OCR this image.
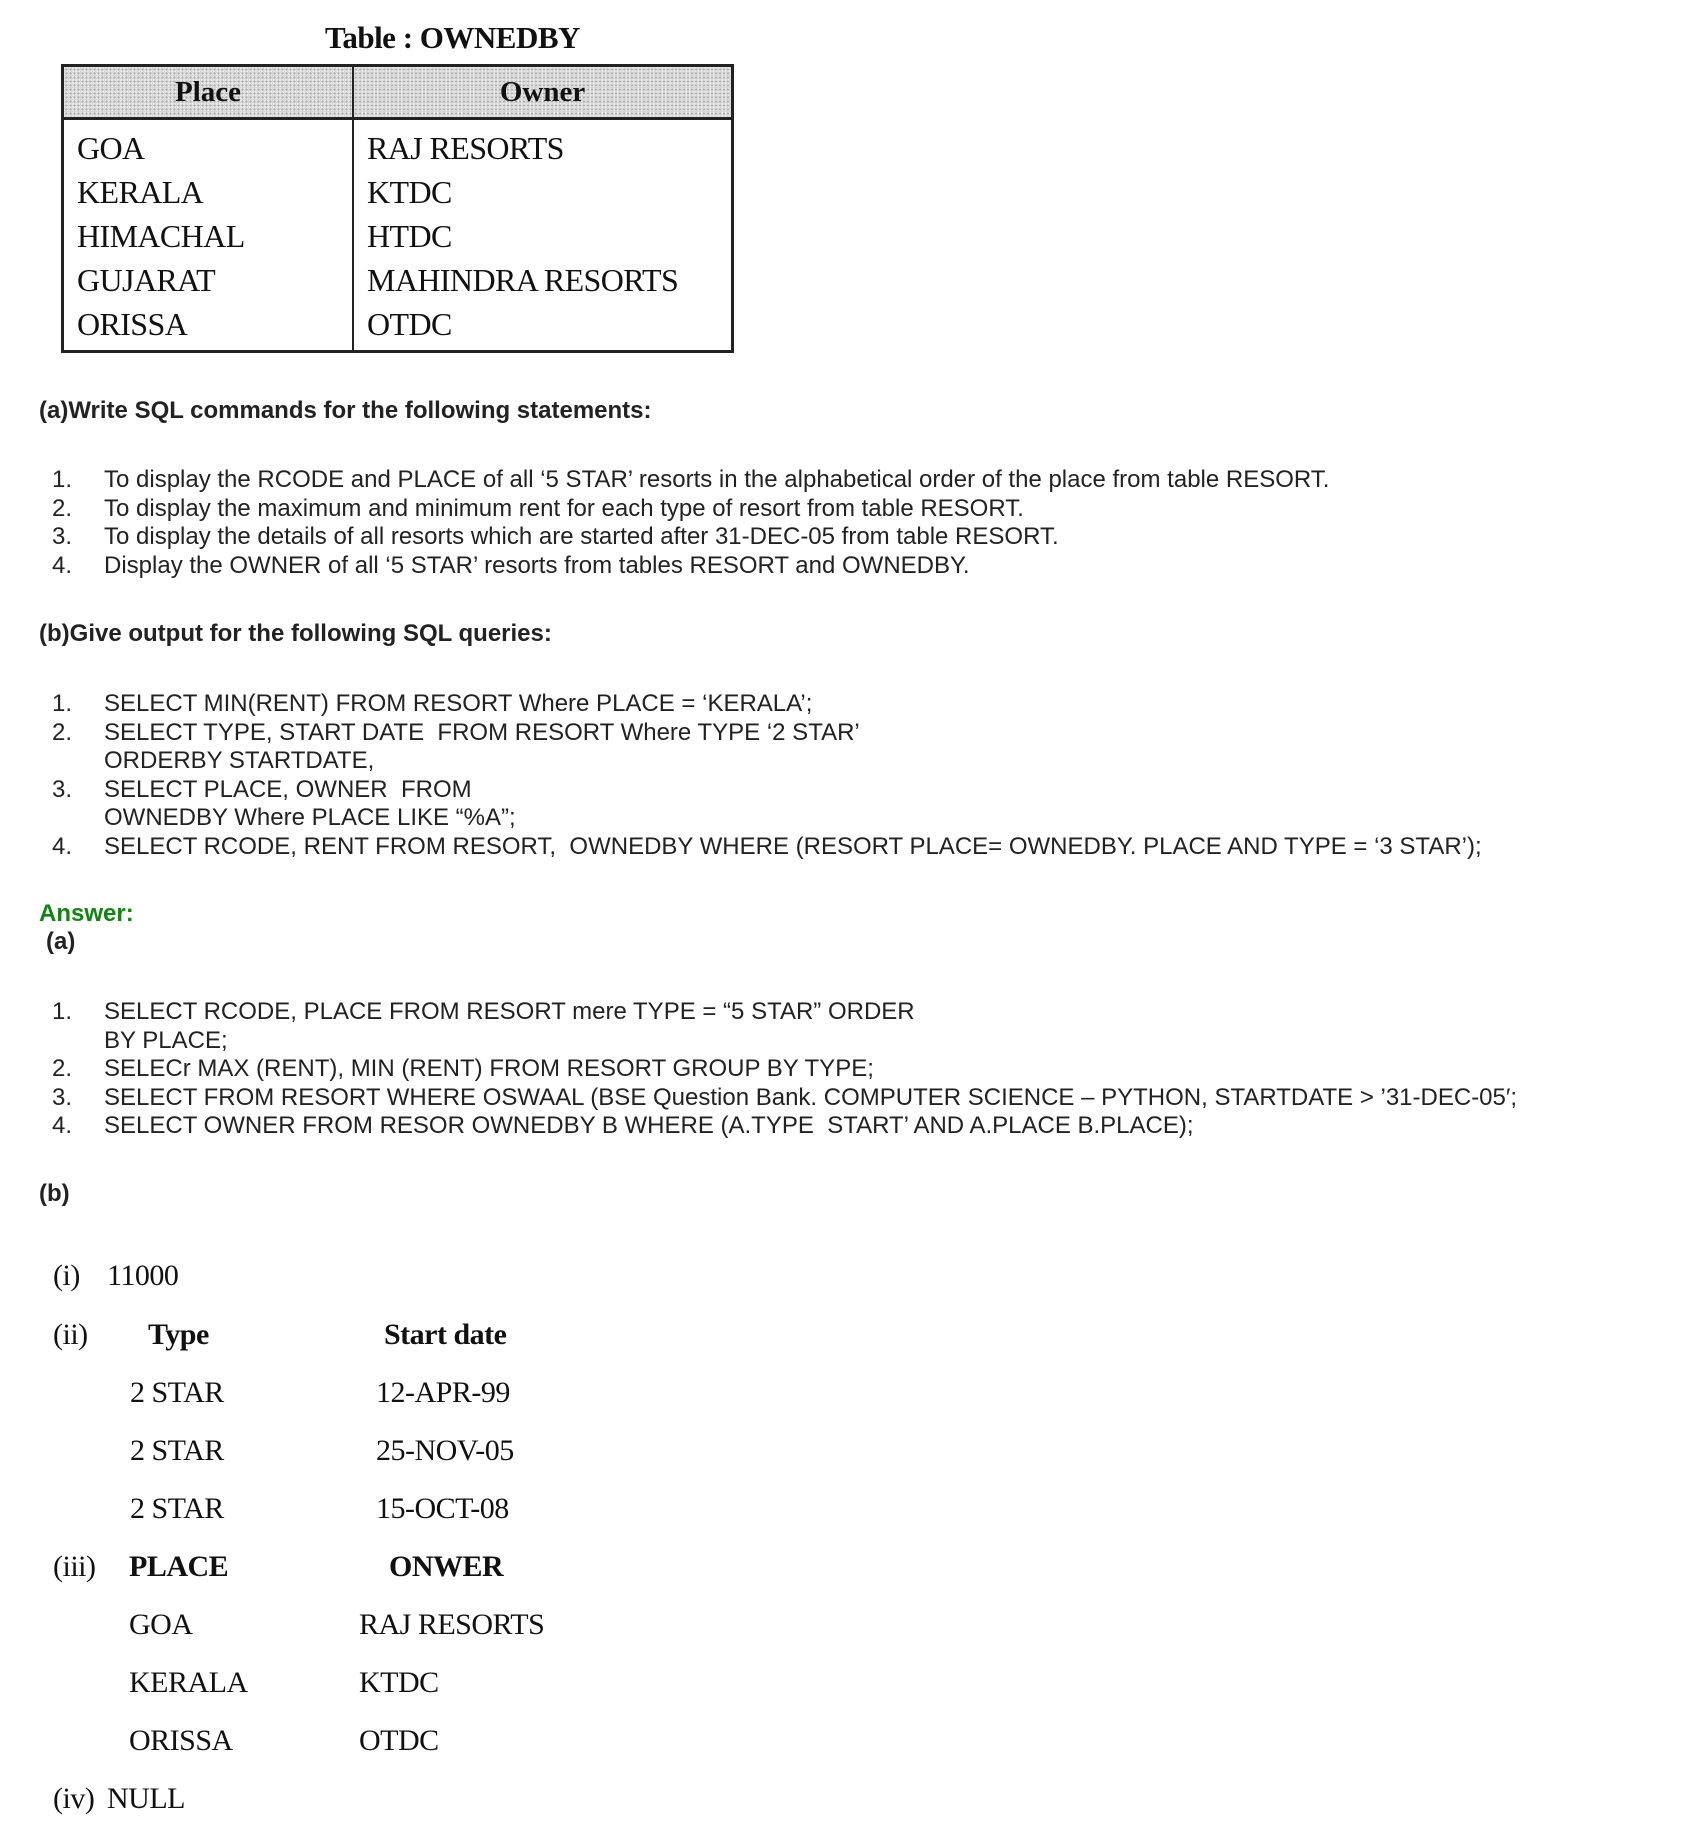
Table : OWNEDBY
Place	Owner
GOA	RAJ RESORTS
KERALA	KTDC
HIMACHAL	HTDC
GUJARAT	MAHINDRA RESORTS
ORISSA	OTDC
(a)Write SQL commands for the following statements:
1.	To display the RCODE and PLACE of all ‘5 STAR’ resorts in the alphabetical order of the place from table RESORT.
2.	To display the maximum and minimum rent for each type of resort from table RESORT.
3.	To display the details of all resorts which are started after 31-DEC-05 from table RESORT.
4.	Display the OWNER of all ‘5 STAR’ resorts from tables RESORT and OWNEDBY.
(b)Give output for the following SQL queries:
1.	SELECT MIN(RENT) FROM RESORT Where PLACE = ‘KERALA’;
2.	SELECT TYPE, START DATE  FROM RESORT Where TYPE ‘2 STAR’
ORDERBY STARTDATE,
3.	SELECT PLACE, OWNER  FROM
OWNEDBY Where PLACE LIKE “%A”;
4.	SELECT RCODE, RENT FROM RESORT,  OWNEDBY WHERE (RESORT PLACE= OWNEDBY. PLACE AND TYPE = ‘3 STAR’);
Answer:
(a)
1.	SELECT RCODE, PLACE FROM RESORT mere TYPE = “5 STAR” ORDER
BY PLACE;
2.	SELECr MAX (RENT), MIN (RENT) FROM RESORT GROUP BY TYPE;
3.	SELECT FROM RESORT WHERE OSWAAL (BSE Question Bank. COMPUTER SCIENCE – PYTHON, STARTDATE > ’31-DEC-05′;
4.	SELECT OWNER FROM RESOR OWNEDBY B WHERE (A.TYPE  START’ AND A.PLACE B.PLACE);
(b)
(i) 11000
(ii) Type	Start date
2 STAR	12-APR-99
2 STAR	25-NOV-05
2 STAR	15-OCT-08
(iii) PLACE	ONWER
GOA	RAJ RESORTS
KERALA	KTDC
ORISSA	OTDC
(iv) NULL
